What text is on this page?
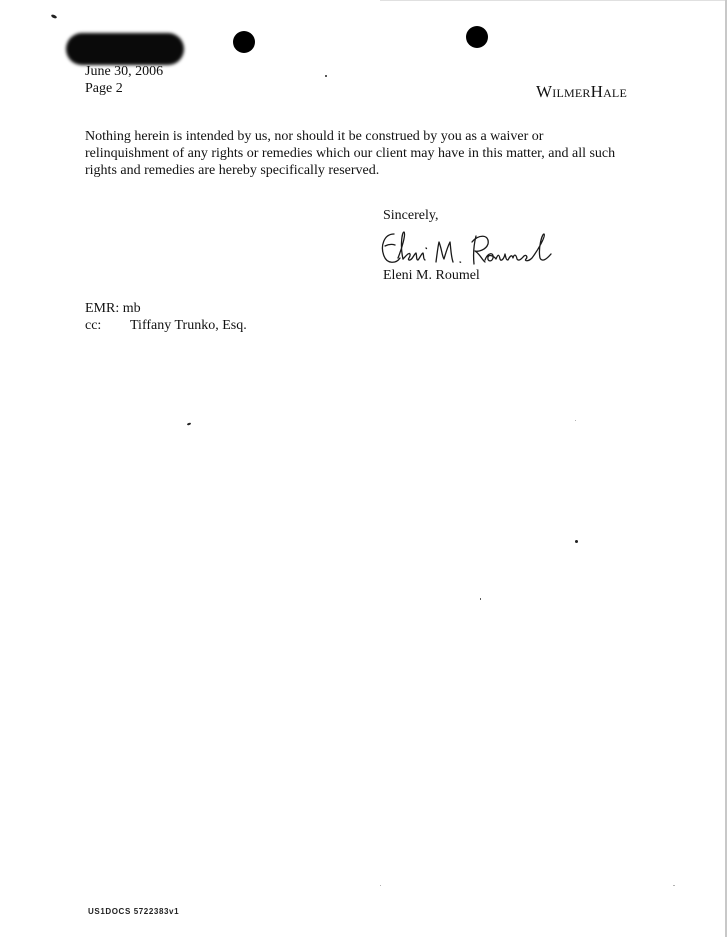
June 30, 2006
Page 2	WilmerHale
Nothing herein is intended by us, nor should it be construed by you as a waiver or
relinquishment of any rights or remedies which our client may have in this matter, and all such
rights and remedies are hereby specifically reserved.
Sincerely,
Eleni M. Roumel
EMR: mb
cc: Tiffany Trunko, Esq.
US1DOCS 5722383v1
